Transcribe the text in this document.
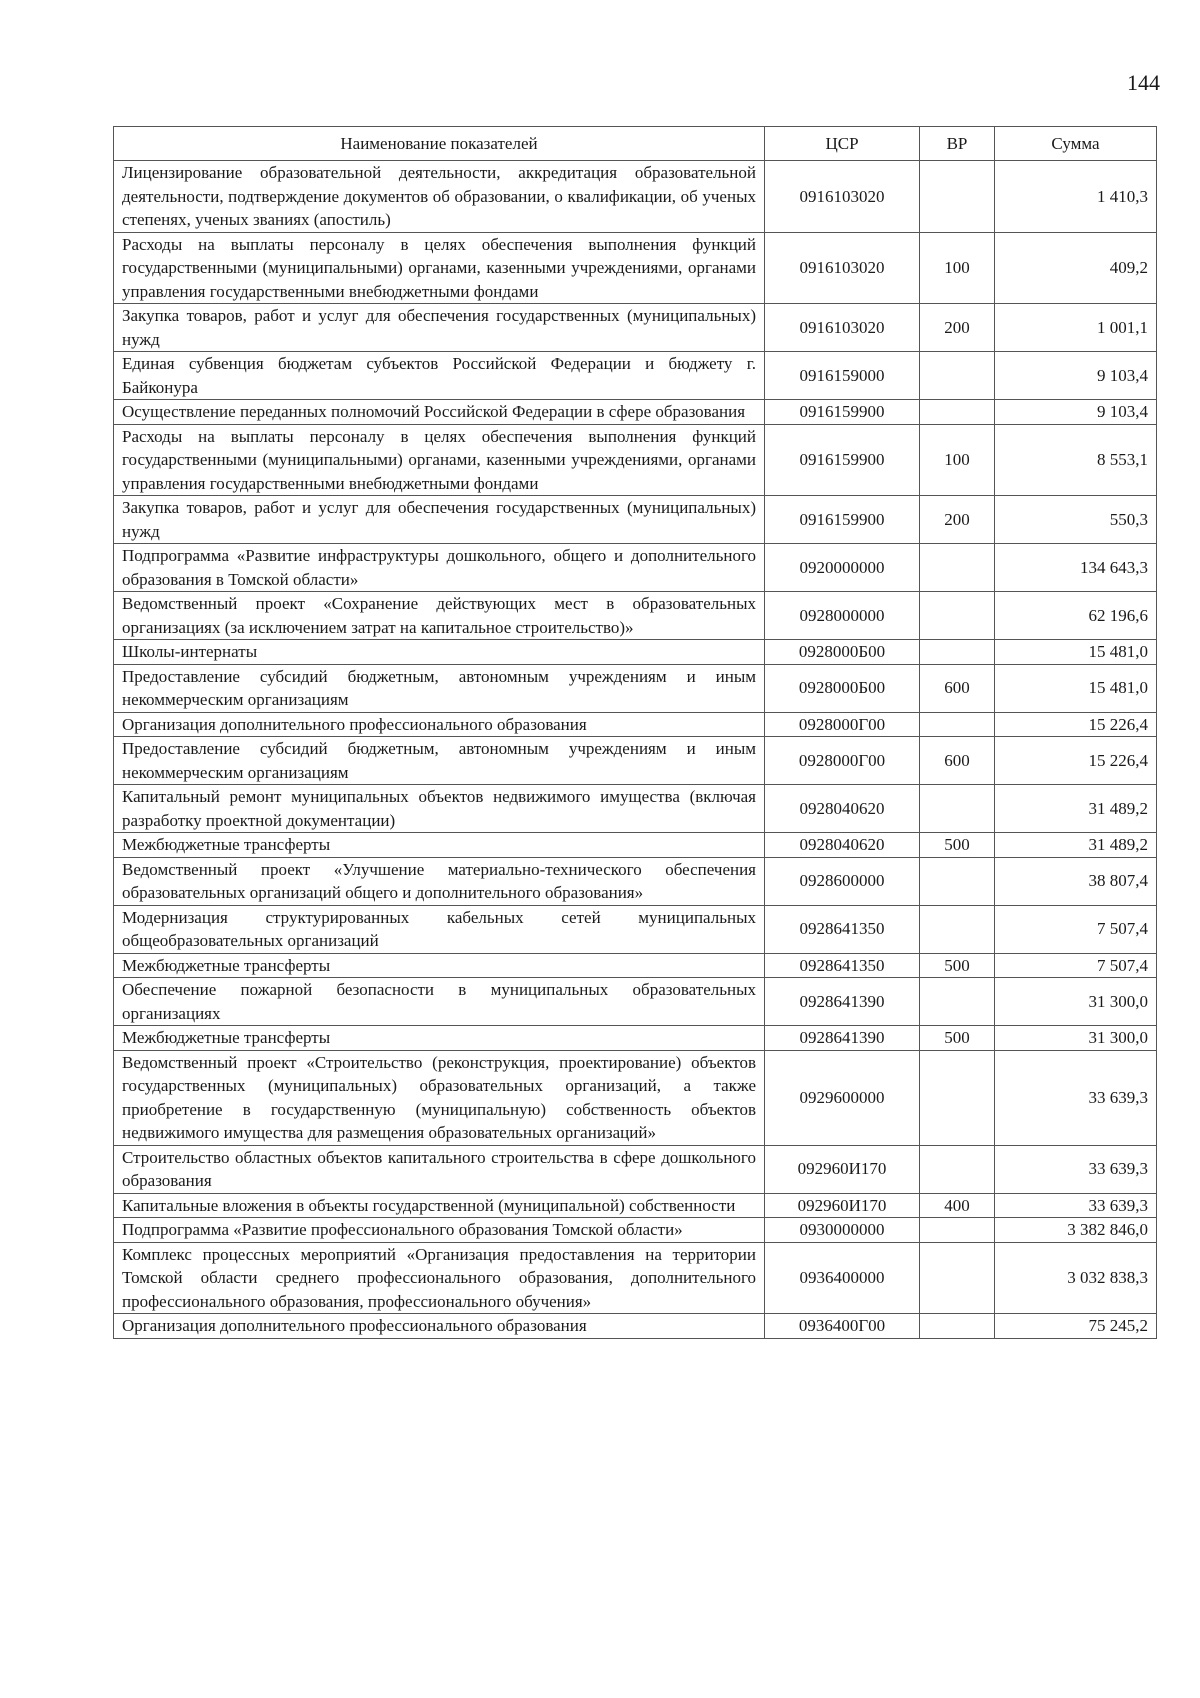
144
Наименование показателей	ЦСР	ВР	Сумма
Лицензирование образовательной деятельности, аккредитация образовательной деятельности, подтверждение документов об образовании, о квалификации, об ученых степенях, ученых званиях (апостиль)	0916103020		1 410,3
Расходы на выплаты персоналу в целях обеспечения выполнения функций государственными (муниципальными) органами, казенными учреждениями, органами управления государственными внебюджетными фондами	0916103020	100	409,2
Закупка товаров, работ и услуг для обеспечения государственных (муниципальных) нужд	0916103020	200	1 001,1
Единая субвенция бюджетам субъектов Российской Федерации и бюджету г. Байконура	0916159000		9 103,4
Осуществление переданных полномочий Российской Федерации в сфере образования	0916159900		9 103,4
Расходы на выплаты персоналу в целях обеспечения выполнения функций государственными (муниципальными) органами, казенными учреждениями, органами управления государственными внебюджетными фондами	0916159900	100	8 553,1
Закупка товаров, работ и услуг для обеспечения государственных (муниципальных) нужд	0916159900	200	550,3
Подпрограмма «Развитие инфраструктуры дошкольного, общего и дополнительного образования в Томской области»	0920000000		134 643,3
Ведомственный проект «Сохранение действующих мест в образовательных организациях (за исключением затрат на капитальное строительство)»	0928000000		62 196,6
Школы-интернаты	0928000Б00		15 481,0
Предоставление субсидий бюджетным, автономным учреждениям и иным некоммерческим организациям	0928000Б00	600	15 481,0
Организация дополнительного профессионального образования	0928000Г00		15 226,4
Предоставление субсидий бюджетным, автономным учреждениям и иным некоммерческим организациям	0928000Г00	600	15 226,4
Капитальный ремонт муниципальных объектов недвижимого имущества (включая разработку проектной документации)	0928040620		31 489,2
Межбюджетные трансферты	0928040620	500	31 489,2
Ведомственный проект «Улучшение материально-технического обеспечения образовательных организаций общего и дополнительного образования»	0928600000		38 807,4
Модернизация структурированных кабельных сетей муниципальных общеобразовательных организаций	0928641350		7 507,4
Межбюджетные трансферты	0928641350	500	7 507,4
Обеспечение пожарной безопасности в муниципальных образовательных организациях	0928641390		31 300,0
Межбюджетные трансферты	0928641390	500	31 300,0
Ведомственный проект «Строительство (реконструкция, проектирование) объектов государственных (муниципальных) образовательных организаций, а также приобретение в государственную (муниципальную) собственность объектов недвижимого имущества для размещения образовательных организаций»	0929600000		33 639,3
Строительство областных объектов капитального строительства в сфере дошкольного образования	092960И170		33 639,3
Капитальные вложения в объекты государственной (муниципальной) собственности	092960И170	400	33 639,3
Подпрограмма «Развитие профессионального образования Томской области»	0930000000		3 382 846,0
Комплекс процессных мероприятий «Организация предоставления на территории Томской области среднего профессионального образования, дополнительного профессионального образования, профессионального обучения»	0936400000		3 032 838,3
Организация дополнительного профессионального образования	0936400Г00		75 245,2
